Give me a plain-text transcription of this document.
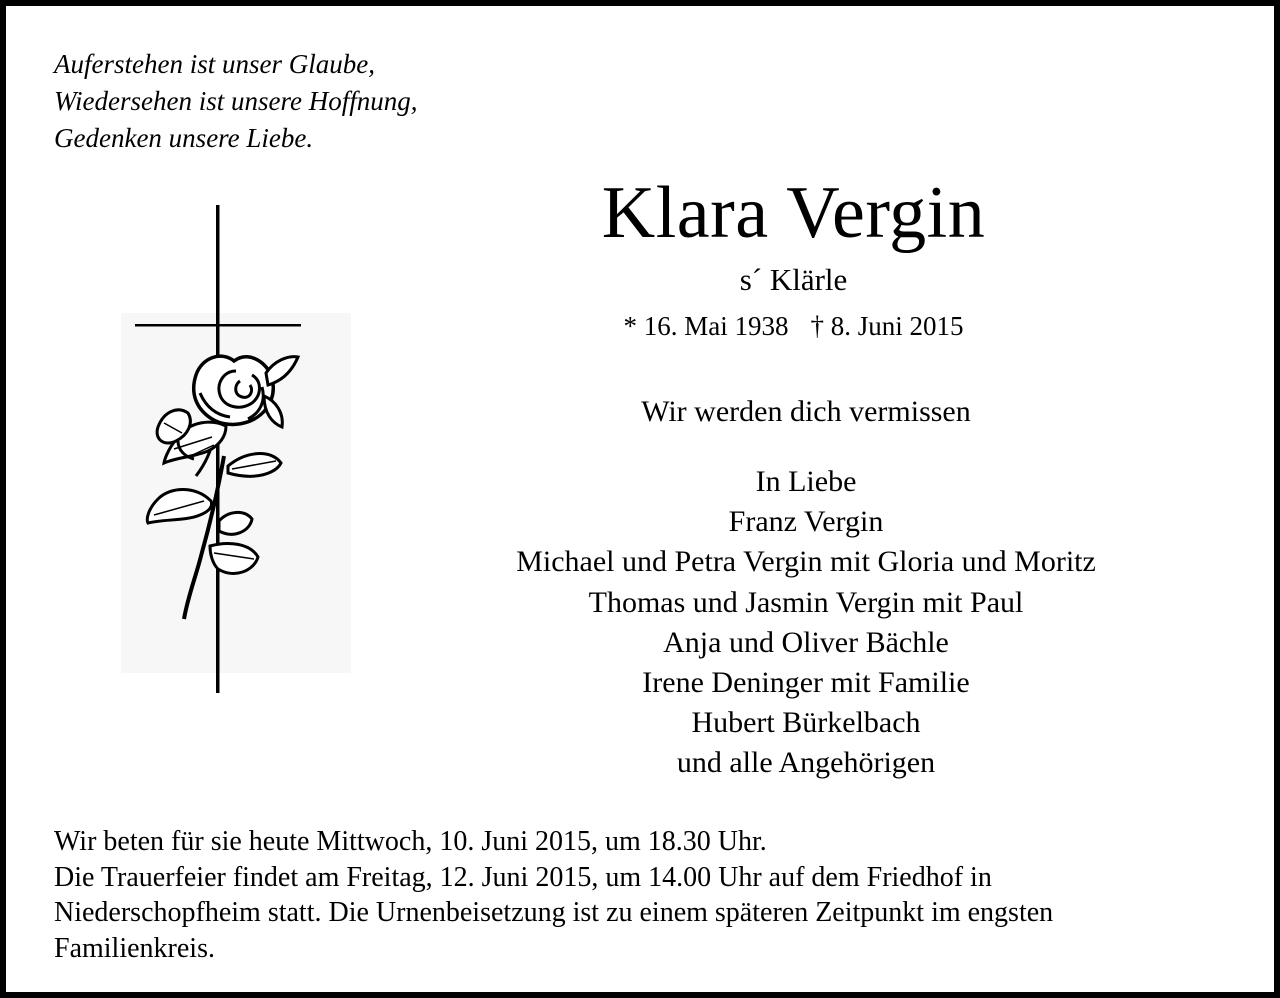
Auferstehen ist unser Glaube,
Wiedersehen ist unsere Hoffnung,
Gedenken unsere Liebe.
Klara Vergin
s´ Klärle
* 16. Mai 1938 † 8. Juni 2015
Wir werden dich vermissen
In Liebe
Franz Vergin
Michael und Petra Vergin mit Gloria und Moritz
Thomas und Jasmin Vergin mit Paul
Anja und Oliver Bächle
Irene Deninger mit Familie
Hubert Bürkelbach
und alle Angehörigen
Wir beten für sie heute Mittwoch, 10. Juni 2015, um 18.30 Uhr.
Die Trauerfeier findet am Freitag, 12. Juni 2015, um 14.00 Uhr auf dem Friedhof in
Niederschopfheim statt. Die Urnenbeisetzung ist zu einem späteren Zeitpunkt im engsten
Familienkreis.
